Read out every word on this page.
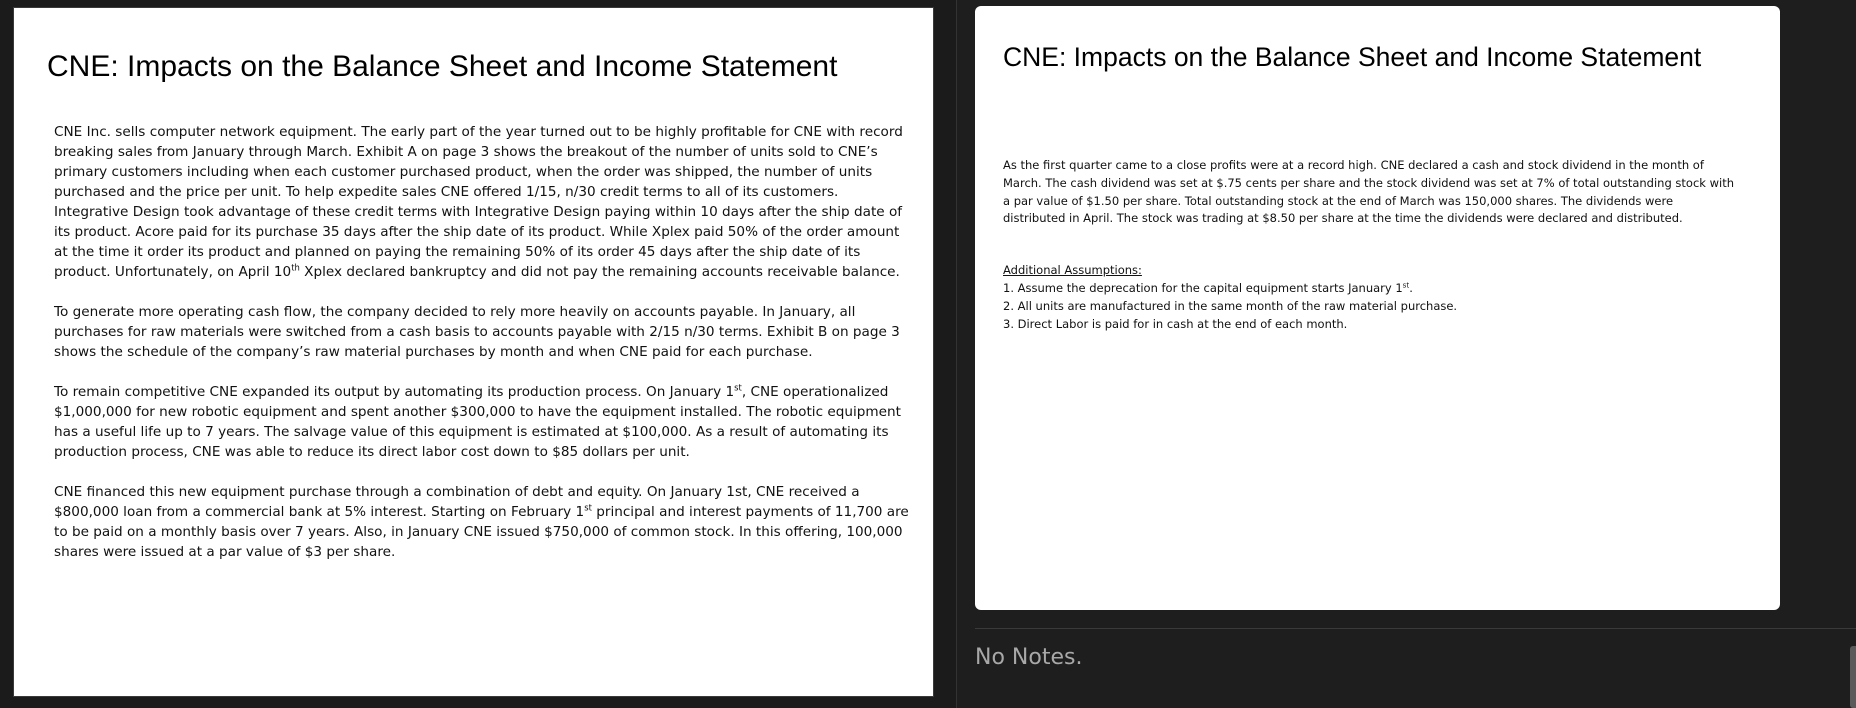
CNE: Impacts on the Balance Sheet and Income Statement

CNE Inc. sells computer network equipment. The early part of the year turned out to be highly profitable for CNE with record breaking sales from January through March. Exhibit A on page 3 shows the breakout of the number of units sold to CNE’s primary customers including when each customer purchased product, when the order was shipped, the number of units purchased and the price per unit. To help expedite sales CNE offered 1/15, n/30 credit terms to all of its customers. Integrative Design took advantage of these credit terms with Integrative Design paying within 10 days after the ship date of its product. Acore paid for its purchase 35 days after the ship date of its product. While Xplex paid 50% of the order amount at the time it order its product and planned on paying the remaining 50% of its order 45 days after the ship date of its product. Unfortunately, on April 10th Xplex declared bankruptcy and did not pay the remaining accounts receivable balance.

To generate more operating cash flow, the company decided to rely more heavily on accounts payable. In January, all purchases for raw materials were switched from a cash basis to accounts payable with 2/15 n/30 terms. Exhibit B on page 3 shows the schedule of the company’s raw material purchases by month and when CNE paid for each purchase.

To remain competitive CNE expanded its output by automating its production process. On January 1st, CNE operationalized $1,000,000 for new robotic equipment and spent another $300,000 to have the equipment installed. The robotic equipment has a useful life up to 7 years. The salvage value of this equipment is estimated at $100,000. As a result of automating its production process, CNE was able to reduce its direct labor cost down to $85 dollars per unit.

CNE financed this new equipment purchase through a combination of debt and equity. On January 1st, CNE received a $800,000 loan from a commercial bank at 5% interest. Starting on February 1st principal and interest payments of 11,700 are to be paid on a monthly basis over 7 years. Also, in January CNE issued $750,000 of common stock. In this offering, 100,000 shares were issued at a par value of $3 per share.

CNE: Impacts on the Balance Sheet and Income Statement

As the first quarter came to a close profits were at a record high. CNE declared a cash and stock dividend in the month of March. The cash dividend was set at $.75 cents per share and the stock dividend was set at 7% of total outstanding stock with a par value of $1.50 per share. Total outstanding stock at the end of March was 150,000 shares. The dividends were distributed in April. The stock was trading at $8.50 per share at the time the dividends were declared and distributed.

Additional Assumptions:
1. Assume the deprecation for the capital equipment starts January 1st.
2. All units are manufactured in the same month of the raw material purchase.
3. Direct Labor is paid for in cash at the end of each month.
No Notes.
